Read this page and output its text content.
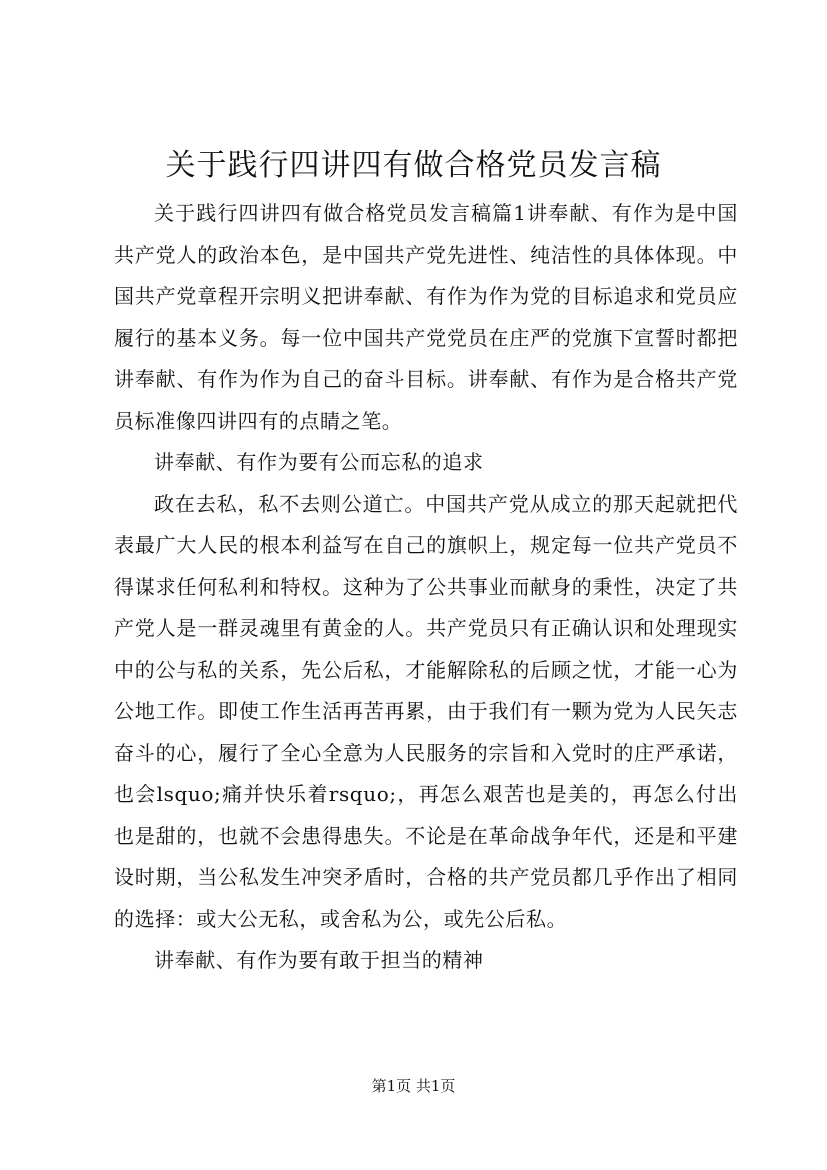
关于践行四讲四有做合格党员发言稿

关于践行四讲四有做合格党员发言稿篇1讲奉献、有作为是中国共产党人的政治本色，是中国共产党先进性、纯洁性的具体体现。中国共产党章程开宗明义把讲奉献、有作为作为党的目标追求和党员应履行的基本义务。每一位中国共产党党员在庄严的党旗下宣誓时都把讲奉献、有作为作为自己的奋斗目标。讲奉献、有作为是合格共产党员标准像四讲四有的点睛之笔。

讲奉献、有作为要有公而忘私的追求

政在去私，私不去则公道亡。中国共产党从成立的那天起就把代表最广大人民的根本利益写在自己的旗帜上，规定每一位共产党员不得谋求任何私利和特权。这种为了公共事业而献身的秉性，决定了共产党人是一群灵魂里有黄金的人。共产党员只有正确认识和处理现实中的公与私的关系，先公后私，才能解除私的后顾之忧，才能一心为公地工作。即使工作生活再苦再累，由于我们有一颗为党为人民矢志奋斗的心，履行了全心全意为人民服务的宗旨和入党时的庄严承诺，也会lsquo;痛并快乐着rsquo;，再怎么艰苦也是美的，再怎么付出也是甜的，也就不会患得患失。不论是在革命战争年代，还是和平建设时期，当公私发生冲突矛盾时，合格的共产党员都几乎作出了相同的选择：或大公无私，或舍私为公，或先公后私。

讲奉献、有作为要有敢于担当的精神

第1页 共1页
